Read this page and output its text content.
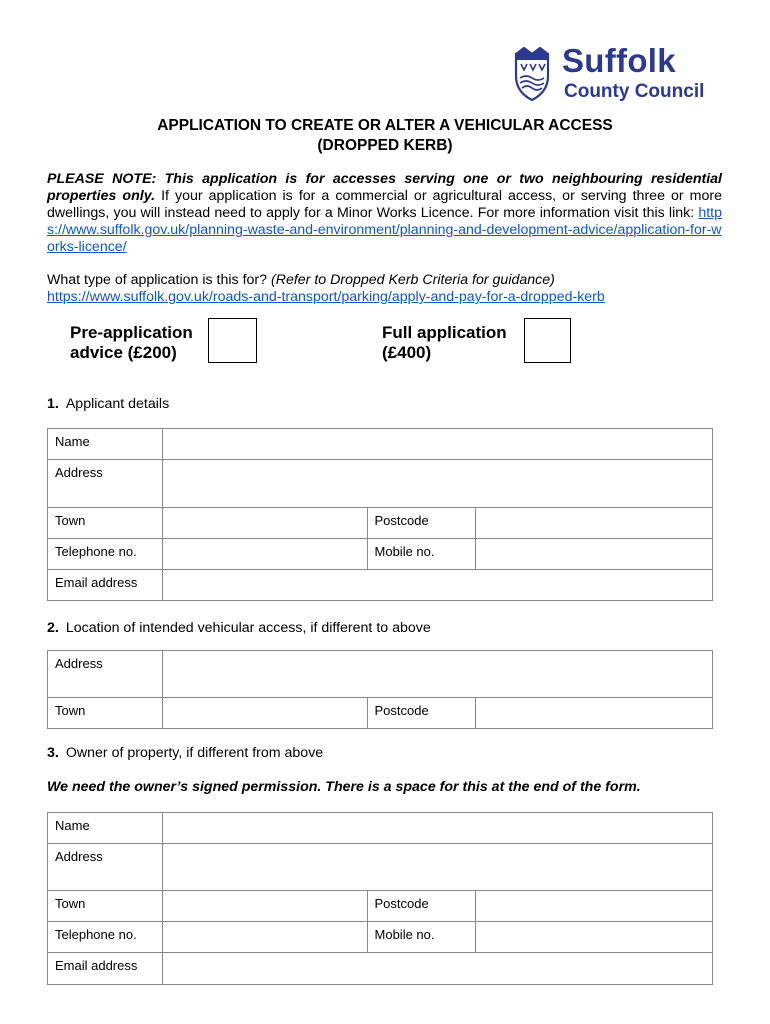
Suffolk
County Council
APPLICATION TO CREATE OR ALTER A VEHICULAR ACCESS
(DROPPED KERB)
PLEASE NOTE: This application is for accesses serving one or two neighbouring residential properties only. If your application is for a commercial or agricultural access, or serving three or more dwellings, you will instead need to apply for a Minor Works Licence. For more information visit this link: https://www.suffolk.gov.uk/planning-waste-and-environment/planning-and-development-advice/application-for-works-licence/
What type of application is this for? (Refer to Dropped Kerb Criteria for guidance)
https://www.suffolk.gov.uk/roads-and-transport/parking/apply-and-pay-for-a-dropped-kerb
Pre-application
advice (£200)
Full application
(£400)
1. Applicant details
Name			
Address			
Town		Postcode	
Telephone no.		Mobile no.	
Email address			
2. Location of intended vehicular access, if different to above
Address			
Town		Postcode	
3. Owner of property, if different from above
We need the owner’s signed permission. There is a space for this at the end of the form.
Name			
Address			
Town		Postcode	
Telephone no.		Mobile no.	
Email address			
